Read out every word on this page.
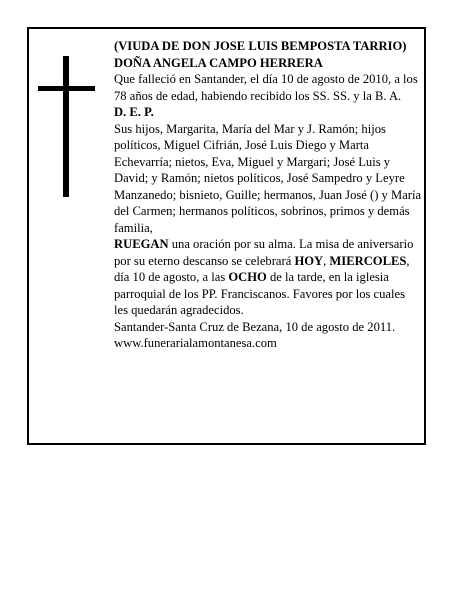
(VIUDA DE DON JOSE LUIS BEMPOSTA TARRIO)

DOÑA ANGELA CAMPO HERRERA

Que falleció en Santander, el día 10 de agosto de 2010, a los 78 años de edad, habiendo recibido los SS. SS. y la B. A.

D. E. P.

Sus hijos, Margarita, María del Mar y J. Ramón; hijos políticos, Miguel Cifrián, José Luis Diego y Marta Echevarría; nietos, Eva, Miguel y Margari; José Luis y David; y Ramón; nietos políticos, José Sampedro y Leyre Manzanedo; bisnieto, Guille; hermanos, Juan José () y María del Carmen; hermanos políticos, sobrinos, primos y demás familia,

RUEGAN una oración por su alma. La misa de aniversario por su eterno descanso se celebrará HOY, MIERCOLES, día 10 de agosto, a las OCHO de la tarde, en la iglesia parroquial de los PP. Franciscanos. Favores por los cuales les quedarán agradecidos.

Santander-Santa Cruz de Bezana, 10 de agosto de 2011.

www.funerarialamontanesa.com
